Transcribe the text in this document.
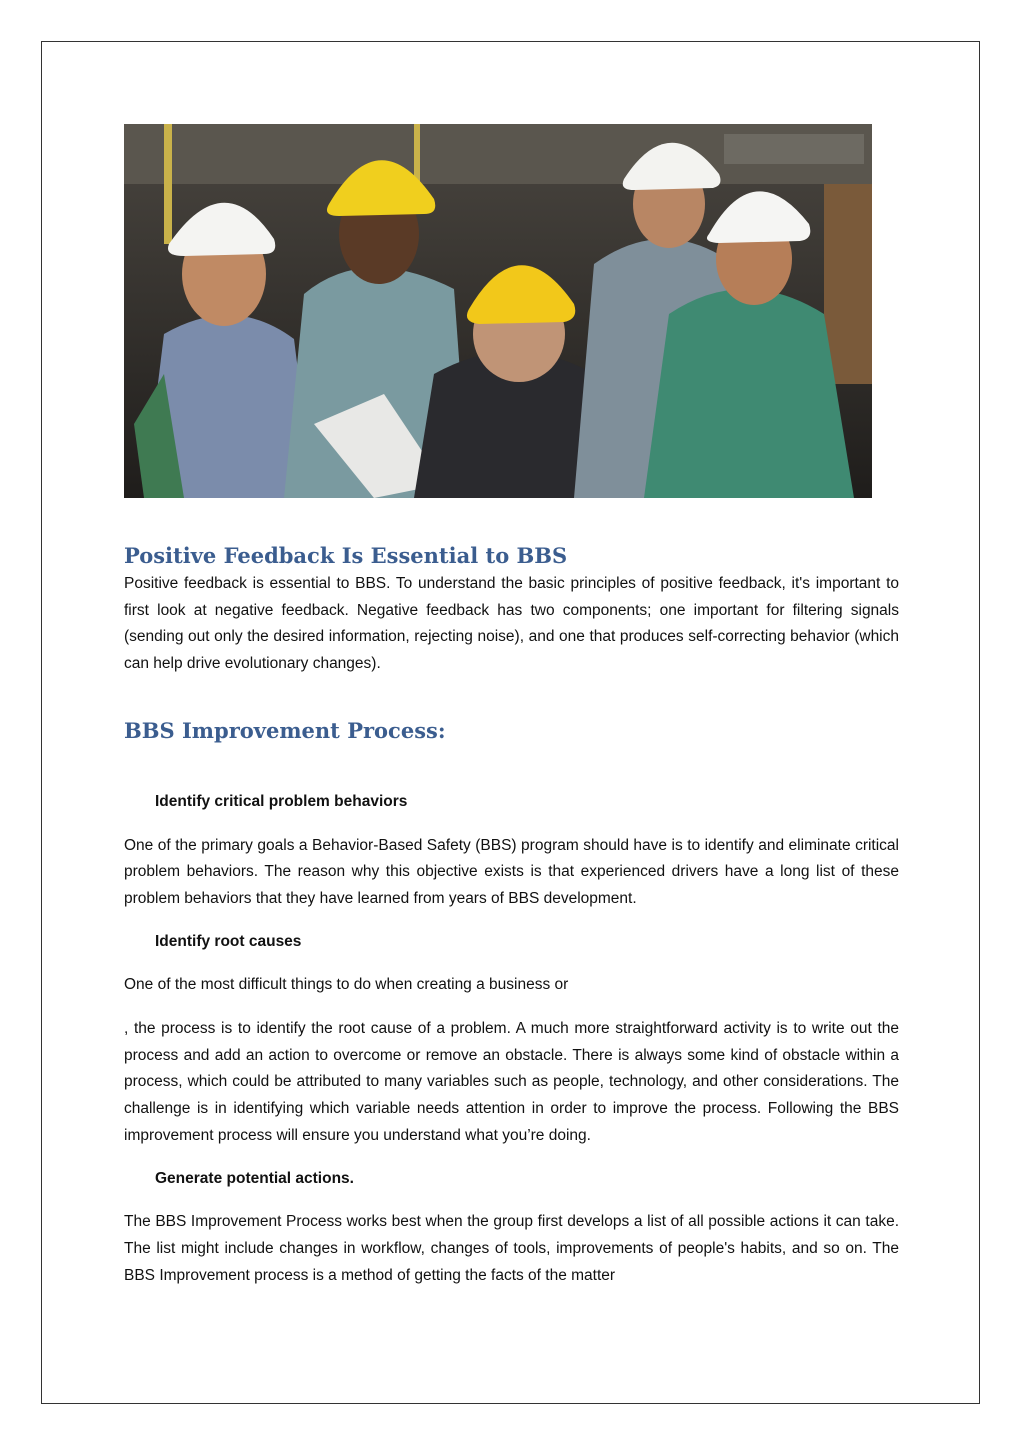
Positive Feedback Is Essential to BBS

Positive feedback is essential to BBS. To understand the basic principles of positive feedback, it's important to first look at negative feedback. Negative feedback has two components; one important for filtering signals (sending out only the desired information, rejecting noise), and one that produces self-correcting behavior (which can help drive evolutionary changes).

BBS Improvement Process:

Identify critical problem behaviors

One of the primary goals a Behavior-Based Safety (BBS) program should have is to identify and eliminate critical problem behaviors. The reason why this objective exists is that experienced drivers have a long list of these problem behaviors that they have learned from years of BBS development.

Identify root causes

One of the most difficult things to do when creating a business or

, the process is to identify the root cause of a problem. A much more straightforward activity is to write out the process and add an action to overcome or remove an obstacle. There is always some kind of obstacle within a process, which could be attributed to many variables such as people, technology, and other considerations. The challenge is in identifying which variable needs attention in order to improve the process. Following the BBS improvement process will ensure you understand what you’re doing.

Generate potential actions.

The BBS Improvement Process works best when the group first develops a list of all possible actions it can take. The list might include changes in workflow, changes of tools, improvements of people's habits, and so on. The BBS Improvement process is a method of getting the facts of the matter
